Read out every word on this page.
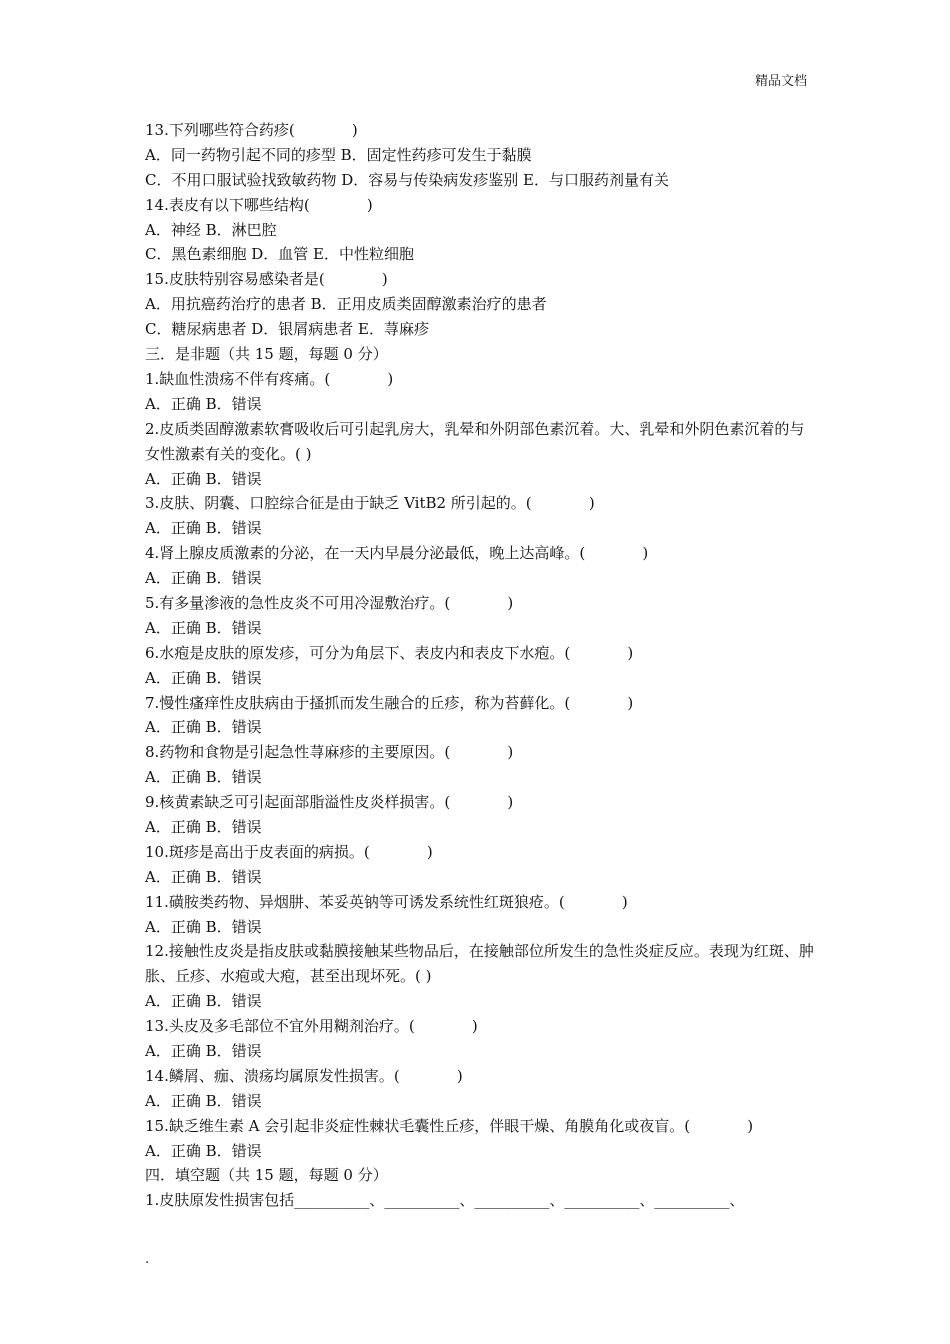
精品文档
13.下列哪些符合药疹(            )
A．同一药物引起不同的疹型 B．固定性药疹可发生于黏膜
C．不用口服试验找致敏药物 D．容易与传染病发疹鉴别 E．与口服药剂量有关
14.表皮有以下哪些结构(            )
A．神经 B．淋巴腔
C．黑色素细胞 D．血管 E．中性粒细胞
15.皮肤特别容易感染者是(            )
A．用抗癌药治疗的患者 B．正用皮质类固醇激素治疗的患者
C．糖尿病患者 D．银屑病患者 E．荨麻疹
三．是非题（共 15 题，每题 0 分）
1.缺血性溃疡不伴有疼痛。(            )
A．正确 B．错误
2.皮质类固醇激素软膏吸收后可引起乳房大，乳晕和外阴部色素沉着。大、乳晕和外阴色素沉着的与女性激素有关的变化。( )
A．正确 B．错误
3.皮肤、阴囊、口腔综合征是由于缺乏 VitB2 所引起的。(            )
A．正确 B．错误
4.肾上腺皮质激素的分泌，在一天内早晨分泌最低，晚上达高峰。(            )
A．正确 B．错误
5.有多量渗液的急性皮炎不可用冷湿敷治疗。(            )
A．正确 B．错误
6.水疱是皮肤的原发疹，可分为角层下、表皮内和表皮下水疱。(            )
A．正确 B．错误
7.慢性瘙痒性皮肤病由于搔抓而发生融合的丘疹，称为苔藓化。(            )
A．正确 B．错误
8.药物和食物是引起急性荨麻疹的主要原因。(            )
A．正确 B．错误
9.核黄素缺乏可引起面部脂溢性皮炎样损害。(            )
A．正确 B．错误
10.斑疹是高出于皮表面的病损。(            )
A．正确 B．错误
11.磺胺类药物、异烟肼、苯妥英钠等可诱发系统性红斑狼疮。(            )
A．正确 B．错误
12.接触性皮炎是指皮肤或黏膜接触某些物品后，在接触部位所发生的急性炎症反应。表现为红斑、肿胀、丘疹、水疱或大疱，甚至出现坏死。( )
A．正确 B．错误
13.头皮及多毛部位不宜外用糊剂治疗。(            )
A．正确 B．错误
14.鳞屑、痂、溃疡均属原发性损害。(            )
A．正确 B．错误
15.缺乏维生素 A 会引起非炎症性棘状毛囊性丘疹，伴眼干燥、角膜角化或夜盲。(            )
A．正确 B．错误
四．填空题（共 15 题，每题 0 分）
1.皮肤原发性损害包括__________、__________、__________、__________、__________、
.
